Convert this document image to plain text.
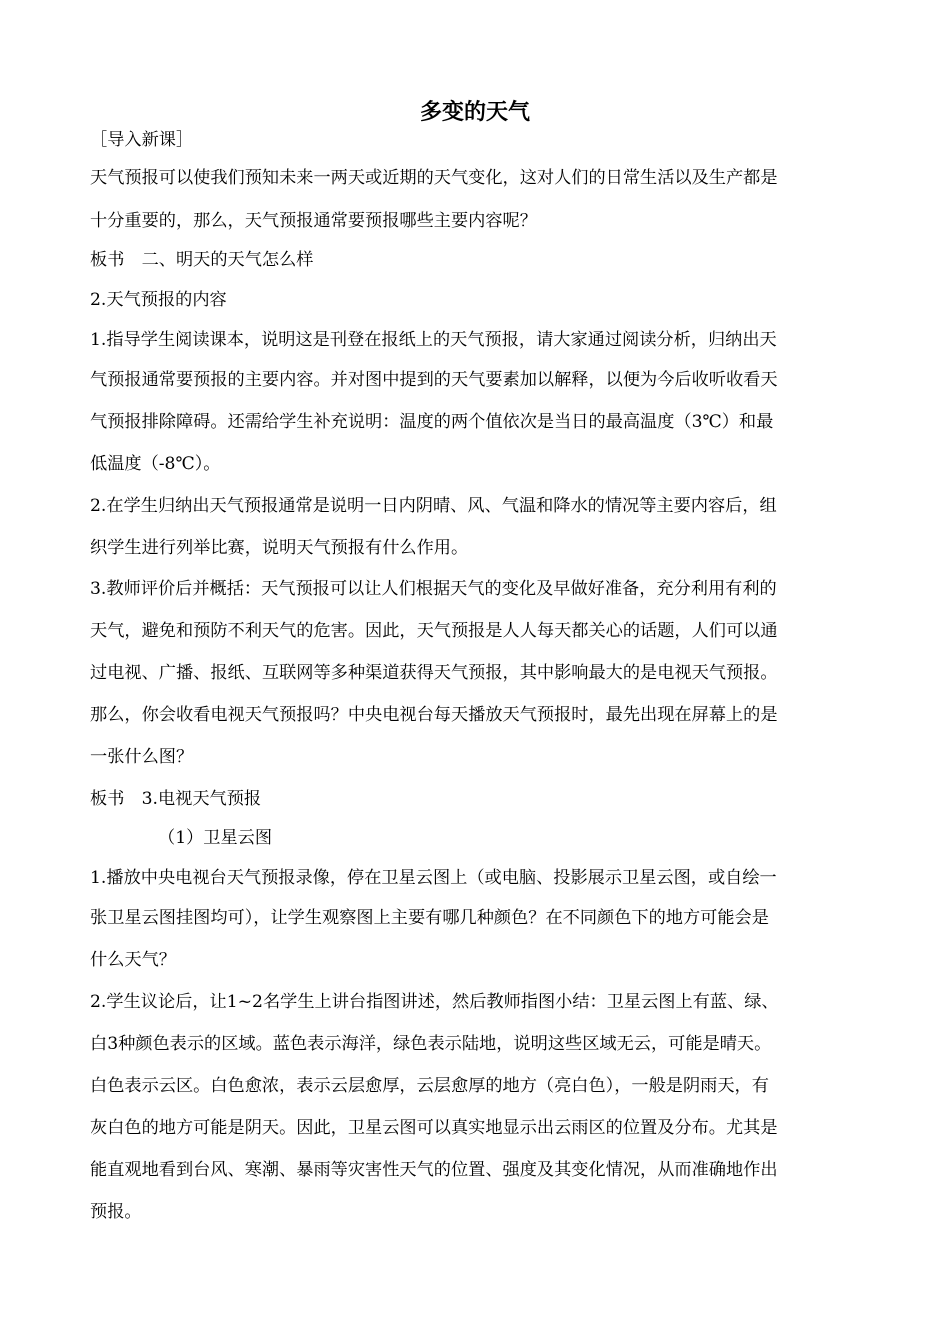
多变的天气
［导入新课］
天气预报可以使我们预知未来一两天或近期的天气变化，这对人们的日常生活以及生产都是
十分重要的，那么，天气预报通常要预报哪些主要内容呢？
板书　二、明天的天气怎么样
2.天气预报的内容
1.指导学生阅读课本，说明这是刊登在报纸上的天气预报，请大家通过阅读分析，归纳出天
气预报通常要预报的主要内容。并对图中提到的天气要素加以解释，以便为今后收听收看天
气预报排除障碍。还需给学生补充说明：温度的两个值依次是当日的最高温度（3℃）和最
低温度（-8℃）。
2.在学生归纳出天气预报通常是说明一日内阴晴、风、气温和降水的情况等主要内容后，组
织学生进行列举比赛，说明天气预报有什么作用。
3.教师评价后并概括：天气预报可以让人们根据天气的变化及早做好准备，充分利用有利的
天气，避免和预防不利天气的危害。因此，天气预报是人人每天都关心的话题，人们可以通
过电视、广播、报纸、互联网等多种渠道获得天气预报，其中影响最大的是电视天气预报。
那么，你会收看电视天气预报吗？中央电视台每天播放天气预报时，最先出现在屏幕上的是
一张什么图？
板书　3.电视天气预报
（1）卫星云图
1.播放中央电视台天气预报录像，停在卫星云图上（或电脑、投影展示卫星云图，或自绘一
张卫星云图挂图均可），让学生观察图上主要有哪几种颜色？在不同颜色下的地方可能会是
什么天气？
2.学生议论后，让1~2名学生上讲台指图讲述，然后教师指图小结：卫星云图上有蓝、绿、
白3种颜色表示的区域。蓝色表示海洋，绿色表示陆地，说明这些区域无云，可能是晴天。
白色表示云区。白色愈浓，表示云层愈厚，云层愈厚的地方（亮白色），一般是阴雨天，有
灰白色的地方可能是阴天。因此，卫星云图可以真实地显示出云雨区的位置及分布。尤其是
能直观地看到台风、寒潮、暴雨等灾害性天气的位置、强度及其变化情况，从而准确地作出
预报。
